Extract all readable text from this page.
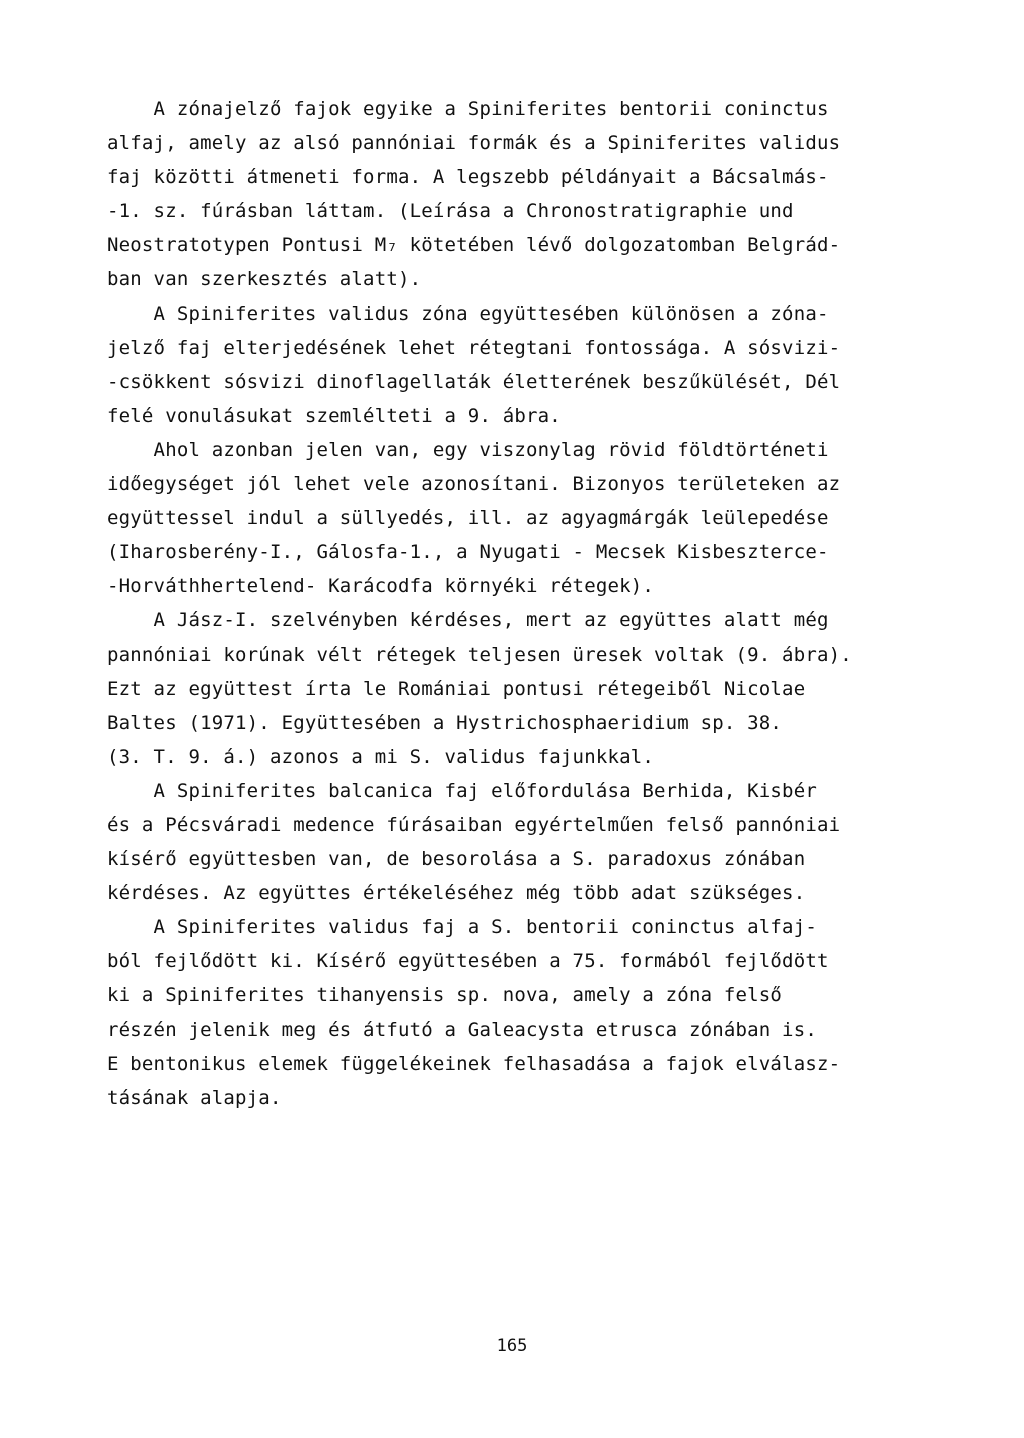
A zónajelző fajok egyike a Spiniferites bentorii coninctus
alfaj, amely az alsó pannóniai formák és a Spiniferites validus
faj közötti átmeneti forma. A legszebb példányait a Bácsalmás-
-1. sz. fúrásban láttam. (Leírása a Chronostratigraphie und
Neostratotypen Pontusi M₇ kötetében lévő dolgozatomban Belgrád-
ban van szerkesztés alatt).
A Spiniferites validus zóna együttesében különösen a zóna-
jelző faj elterjedésének lehet rétegtani fontossága. A sósvizi-
-csökkent sósvizi dinoflagellaták életterének beszűkülését, Dél
felé vonulásukat szemlélteti a 9. ábra.
Ahol azonban jelen van, egy viszonylag rövid földtörténeti
időegységet jól lehet vele azonosítani. Bizonyos területeken az
együttessel indul a süllyedés, ill. az agyagmárgák leülepedése
(Iharosberény-I., Gálosfa-1., a Nyugati - Mecsek Kisbeszterce-
-Horváthhertelend- Karácodfa környéki rétegek).
A Jász-I. szelvényben kérdéses, mert az együttes alatt még
pannóniai korúnak vélt rétegek teljesen üresek voltak (9. ábra).
Ezt az együttest írta le Romániai pontusi rétegeiből Nicolae
Baltes (1971). Együttesében a Hystrichosphaeridium sp. 38.
(3. T. 9. á.) azonos a mi S. validus fajunkkal.
A Spiniferites balcanica faj előfordulása Berhida, Kisbér
és a Pécsváradi medence fúrásaiban egyértelműen felső pannóniai
kísérő együttesben van, de besorolása a S. paradoxus zónában
kérdéses. Az együttes értékeléséhez még több adat szükséges.
A Spiniferites validus faj a S. bentorii coninctus alfaj-
ból fejlődött ki. Kísérő együttesében a 75. formából fejlődött
ki a Spiniferites tihanyensis sp. nova, amely a zóna felső
részén jelenik meg és átfutó a Galeacysta etrusca zónában is.
E bentonikus elemek függelékeinek felhasadása a fajok elválasz-
tásának alapja.
165
